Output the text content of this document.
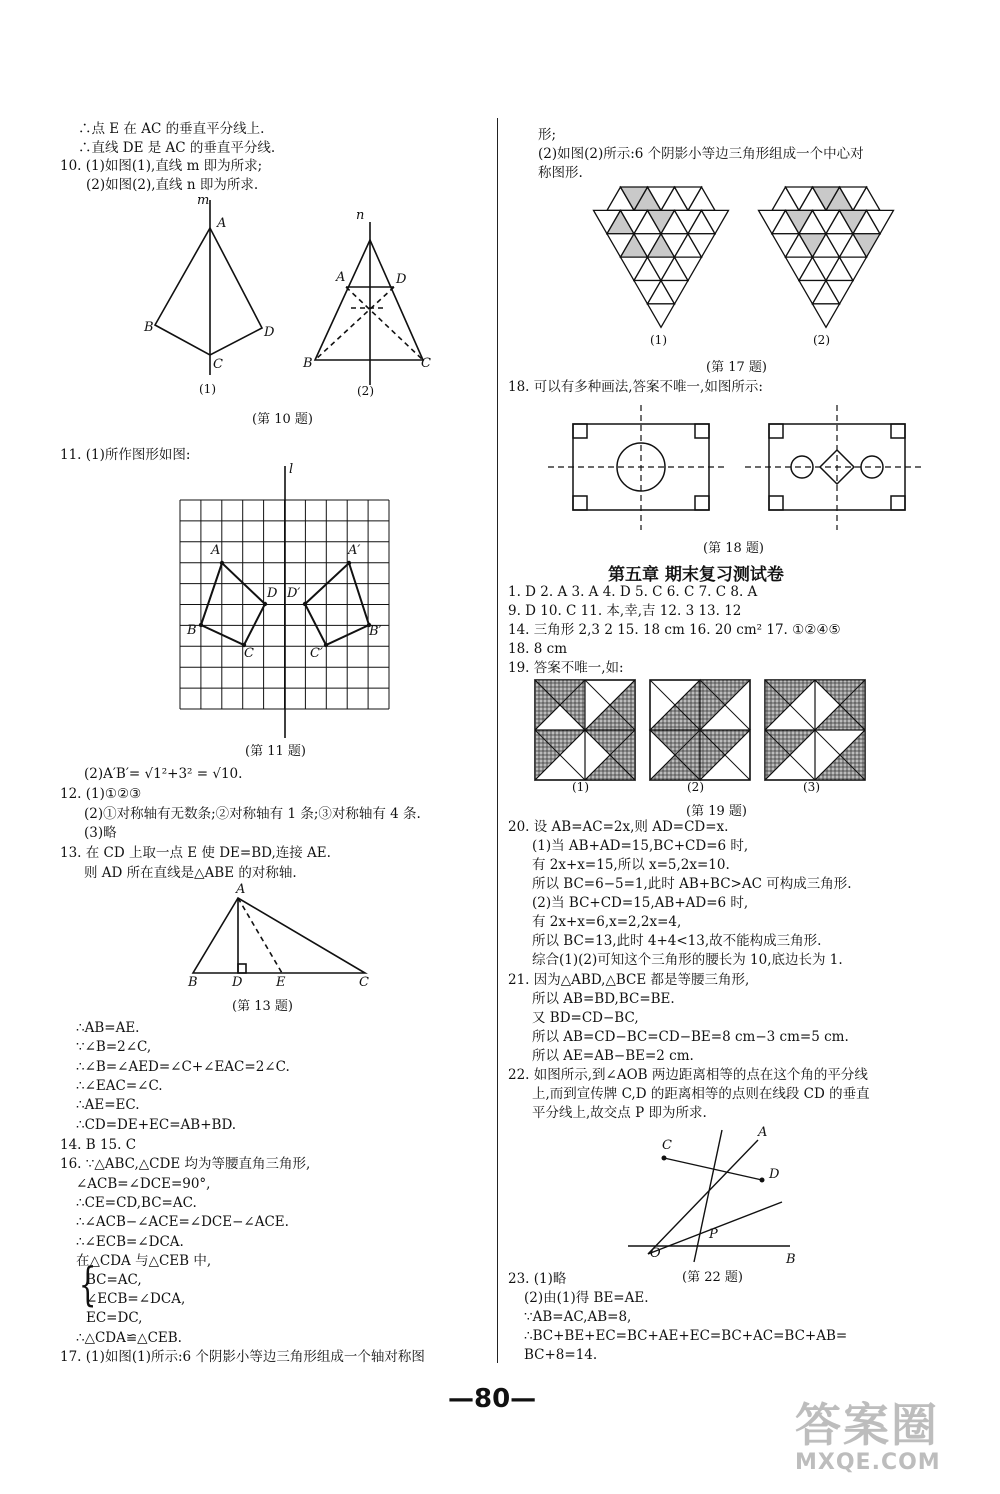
∴点 E 在 AC 的垂直平分线上.
∴直线 DE 是 AC 的垂直平分线.
10. (1)如图(1),直线 m 即为所求;
(2)如图(2),直线 n 即为所求.
m
A
B	D
C
(1)
n
A	D
B	C
(2)
(第 10 题)
11. (1)所作图形如图:
l
A
B
C
D
A′
B′
C′
D′
(第 11 题)
(2)A′B′= √1²+3² = √10.
12. (1)①②③
(2)①对称轴有无数条;②对称轴有 1 条;③对称轴有 4 条.
(3)略
13. 在 CD 上取一点 E 使 DE=BD,连接 AE.
则 AD 所在直线是△ABE 的对称轴.
A
B	D	E	C
(第 13 题)
∴AB=AE.
∵∠B=2∠C,
∴∠B=∠AED=∠C+∠EAC=2∠C.
∴∠EAC=∠C.
∴AE=EC.
∴CD=DE+EC=AB+BD.
14. B 15. C
16. ∵△ABC,△CDE 均为等腰直角三角形,
∠ACB=∠DCE=90°,
∴CE=CD,BC=AC.
∴∠ACB−∠ACE=∠DCE−∠ACE.
∴∠ECB=∠DCA.
在△CDA 与△CEB 中,
{
BC=AC,
∠ECB=∠DCA,
EC=DC,
∴△CDA≌△CEB.
17. (1)如图(1)所示:6 个阴影小等边三角形组成一个轴对称图
形;
(2)如图(2)所示:6 个阴影小等边三角形组成一个中心对
称图形.
(1)	(2)
(第 17 题)
18. 可以有多种画法,答案不唯一,如图所示:
(第 18 题)
第五章 期末复习测试卷
1. D 2. A 3. A 4. D 5. C 6. C 7. C 8. A
9. D 10. C 11. 本,幸,吉 12. 3 13. 12
14. 三角形 2,3 2 15. 18 cm 16. 20 cm² 17. ①②④⑤
18. 8 cm
19. 答案不唯一,如:
(1)	(2)	(3)
(第 19 题)
20. 设 AB=AC=2x,则 AD=CD=x.
(1)当 AB+AD=15,BC+CD=6 时,
有 2x+x=15,所以 x=5,2x=10.
所以 BC=6−5=1,此时 AB+BC>AC 可构成三角形.
(2)当 BC+CD=15,AB+AD=6 时,
有 2x+x=6,x=2,2x=4,
所以 BC=13,此时 4+4<13,故不能构成三角形.
综合(1)(2)可知这个三角形的腰长为 10,底边长为 1.
21. 因为△ABD,△BCE 都是等腰三角形,
所以 AB=BD,BC=BE.
又 BD=CD−BC,
所以 AB=CD−BC=CD−BE=8 cm−3 cm=5 cm.
所以 AE=AB−BE=2 cm.
22. 如图所示,到∠AOB 两边距离相等的点在这个角的平分线
上,而到宣传牌 C,D 的距离相等的点则在线段 CD 的垂直
平分线上,故交点 P 即为所求.
C
A
D
P
O	B
(第 22 题)
23. (1)略
(2)由(1)得 BE=AE.
∵AB=AC,AB=8,
∴BC+BE+EC=BC+AE+EC=BC+AC=BC+AB=
BC+8=14.
—80—	答案圈
MXQE.COM
